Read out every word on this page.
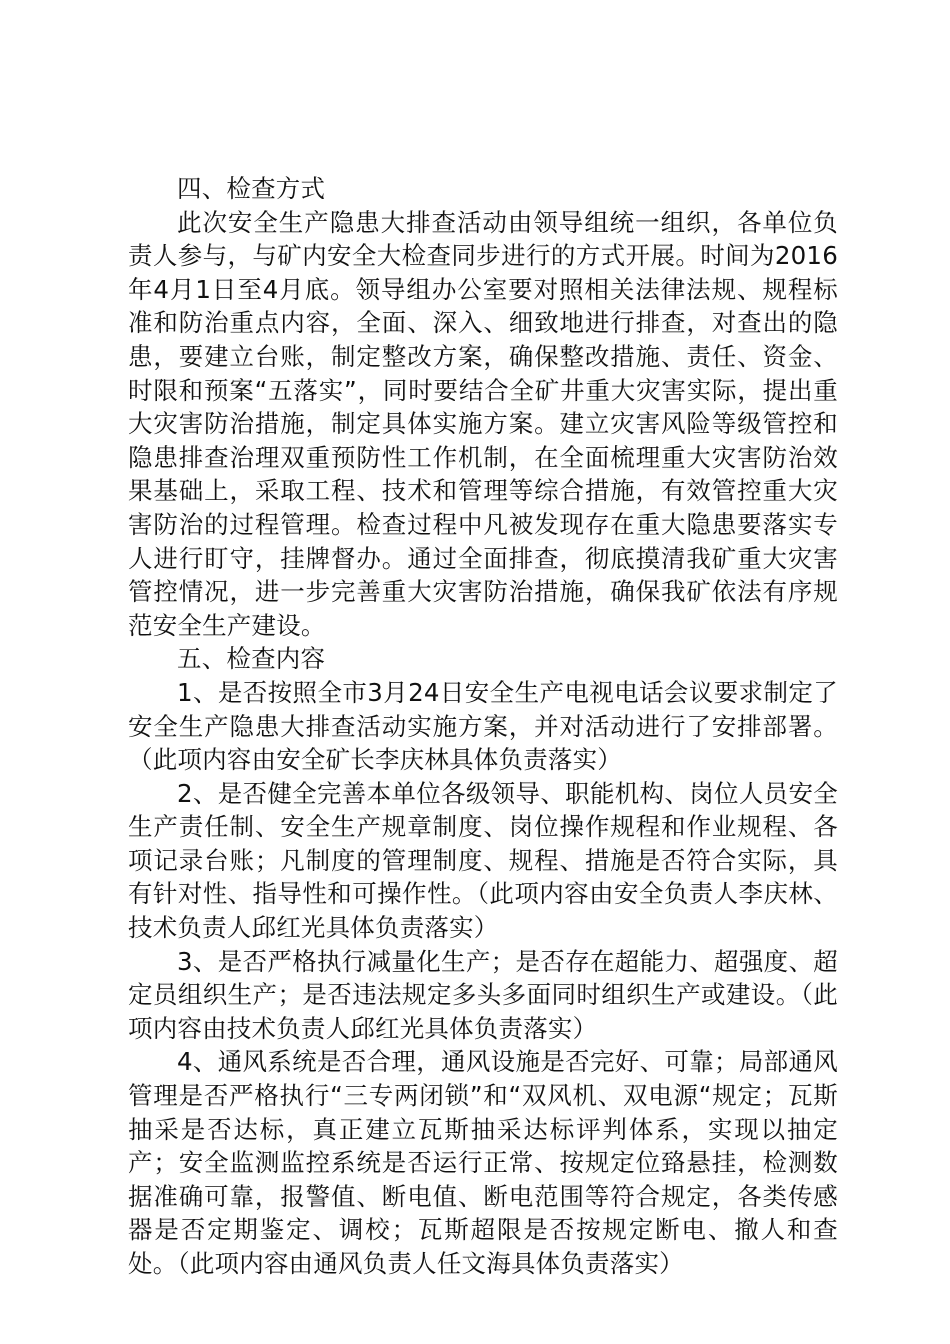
四、检查方式

此次安全生产隐患大排查活动由领导组统一组织，各单位负责人参与，与矿内安全大检查同步进行的方式开展。时间为2016年4月1日至4月底。领导组办公室要对照相关法律法规、规程标准和防治重点内容，全面、深入、细致地进行排查，对查出的隐患，要建立台账，制定整改方案，确保整改措施、责任、资金、时限和预案“五落实”，同时要结合全矿井重大灾害实际，提出重大灾害防治措施，制定具体实施方案。建立灾害风险等级管控和隐患排查治理双重预防性工作机制，在全面梳理重大灾害防治效果基础上，采取工程、技术和管理等综合措施，有效管控重大灾害防治的过程管理。检查过程中凡被发现存在重大隐患要落实专人进行盯守，挂牌督办。通过全面排查，彻底摸清我矿重大灾害管控情况，进一步完善重大灾害防治措施，确保我矿依法有序规范安全生产建设。

五、检查内容

1、是否按照全市3月24日安全生产电视电话会议要求制定了安全生产隐患大排查活动实施方案，并对活动进行了安排部署。（此项内容由安全矿长李庆林具体负责落实）

2、是否健全完善本单位各级领导、职能机构、岗位人员安全生产责任制、安全生产规章制度、岗位操作规程和作业规程、各项记录台账；凡制度的管理制度、规程、措施是否符合实际，具有针对性、指导性和可操作性。（此项内容由安全负责人李庆林、技术负责人邱红光具体负责落实）

3、是否严格执行减量化生产；是否存在超能力、超强度、超定员组织生产；是否违法规定多头多面同时组织生产或建设。（此项内容由技术负责人邱红光具体负责落实）

4、通风系统是否合理，通风设施是否完好、可靠；局部通风管理是否严格执行“三专两闭锁”和“双风机、双电源“规定；瓦斯抽采是否达标，真正建立瓦斯抽采达标评判体系，实现以抽定产；安全监测监控系统是否运行正常、按规定位臵悬挂，检测数据准确可靠，报警值、断电值、断电范围等符合规定，各类传感器是否定期鉴定、调校；瓦斯超限是否按规定断电、撤人和查处。（此项内容由通风负责人任文海具体负责落实）
